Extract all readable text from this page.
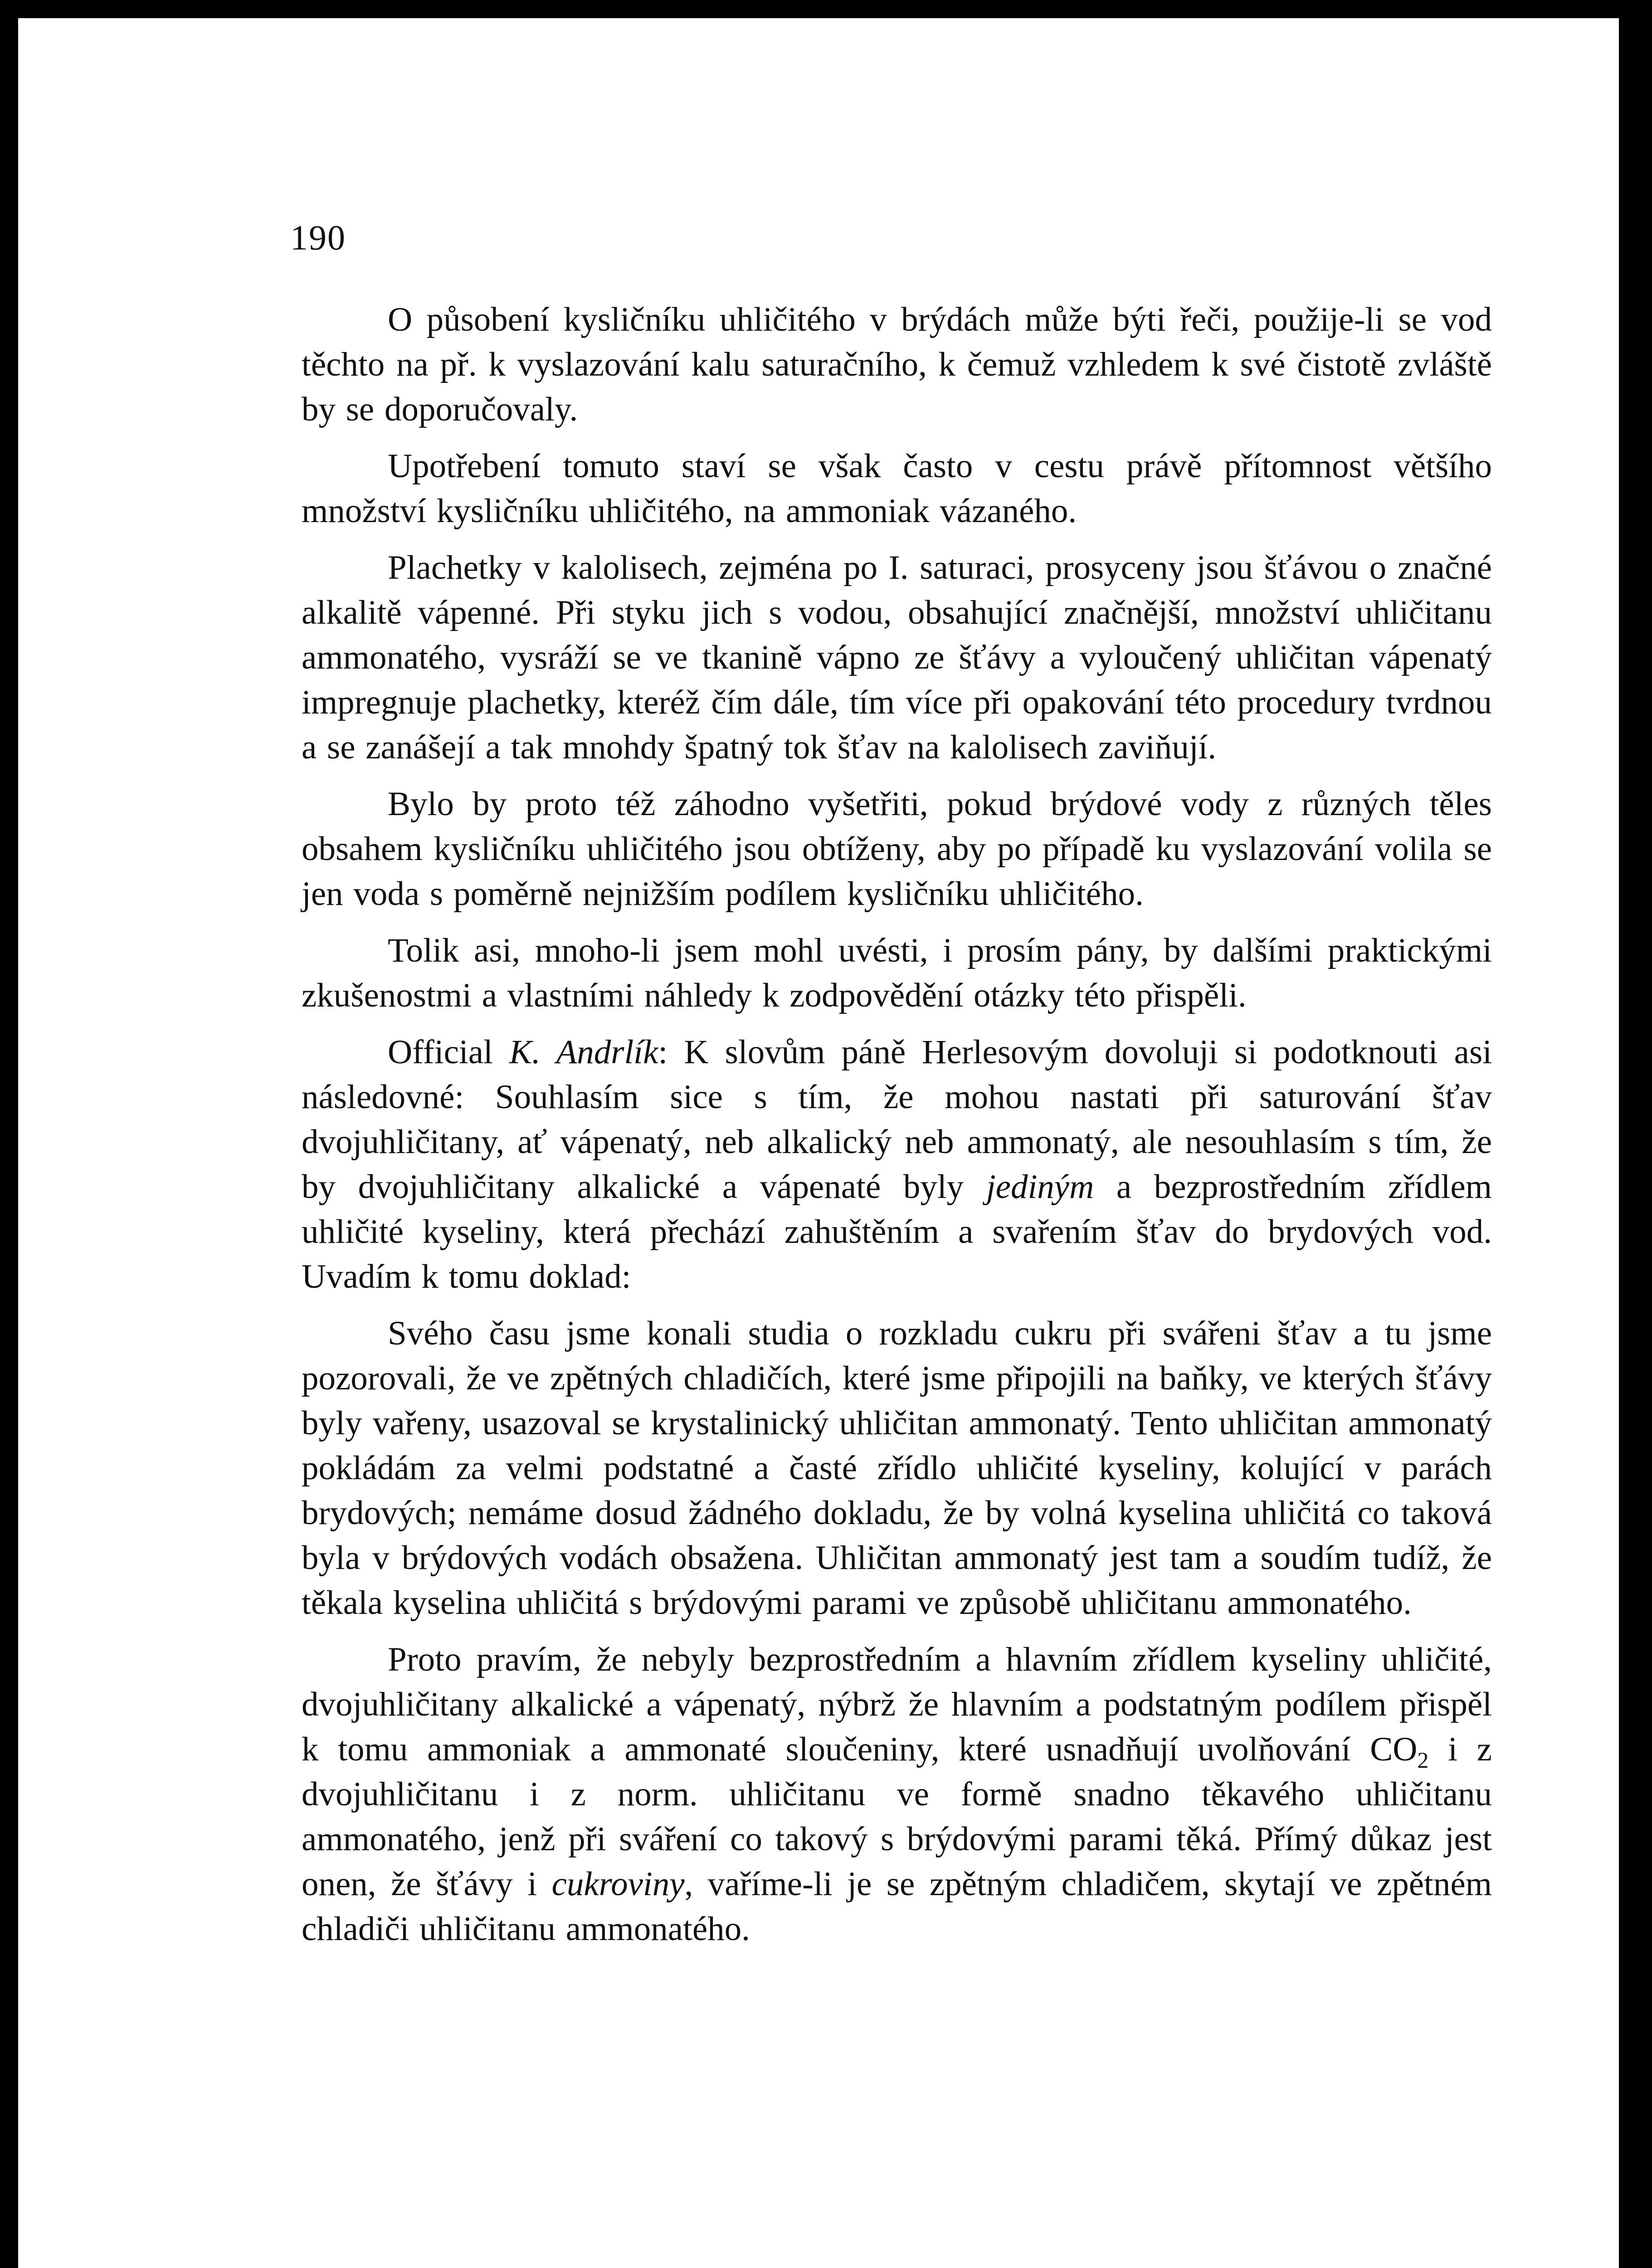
190

O působení kysličníku uhličitého v brýdách může býti řeči, použije-li se vod těchto na př. k vyslazování kalu saturačního, k čemuž vzhledem k své čistotě zvláště by se doporučovaly.

Upotřebení tomuto staví se však často v cestu právě přítomnost většího množství kysličníku uhličitého, na ammoniak vázaného.

Plachetky v kalolisech, zejména po I. saturaci, prosyceny jsou šťávou o značné alkalitě vápenné. Při styku jich s vodou, obsahující značnější, množství uhličitanu ammonatého, vysráží se ve tkanině vápno ze šťávy a vyloučený uhličitan vápenatý impregnuje plachetky, kteréž čím dále, tím více při opakování této procedury tvrdnou a se zanášejí a tak mnohdy špatný tok šťav na kalolisech zaviňují.

Bylo by proto též záhodno vyšetřiti, pokud brýdové vody z různých těles obsahem kysličníku uhličitého jsou obtíženy, aby po případě ku vyslazování volila se jen voda s poměrně nejnižším podílem kysličníku uhličitého.

Tolik asi, mnoho-li jsem mohl uvésti, i prosím pány, by dalšími praktickými zkušenostmi a vlastními náhledy k zodpovědění otázky této přispěli.

Official K. Andrlík: K slovům páně Herlesovým dovoluji si podotknouti asi následovné: Souhlasím sice s tím, že mohou nastati při saturování šťav dvojuhličitany, ať vápenatý, neb alkalický neb ammonatý, ale nesouhlasím s tím, že by dvojuhličitany alkalické a vápenaté byly jediným a bezprostředním zřídlem uhličité kyseliny, která přechází zahuštěním a svařením šťav do brydových vod. Uvadím k tomu doklad:

Svého času jsme konali studia o rozkladu cukru při svářeni šťav a tu jsme pozorovali, že ve zpětných chladičích, které jsme připojili na baňky, ve kterých šťávy byly vařeny, usazoval se krystalinický uhličitan ammonatý. Tento uhličitan ammonatý pokládám za velmi podstatné a časté zřídlo uhličité kyseliny, kolující v parách brydových; nemáme dosud žádného dokladu, že by volná kyselina uhličitá co taková byla v brýdových vodách obsažena. Uhličitan ammonatý jest tam a soudím tudíž, že těkala kyselina uhličitá s brýdovými parami ve způsobě uhličitanu ammonatého.

Proto pravím, že nebyly bezprostředním a hlavním zřídlem kyseliny uhličité, dvojuhličitany alkalické a vápenatý, nýbrž že hlavním a podstatným podílem přispěl k tomu ammoniak a ammonaté sloučeniny, které usnadňují uvolňování $CO_2$ i z dvojuhličitanu i z norm. uhličitanu ve formě snadno těkavého uhličitanu ammonatého, jenž při sváření co takový s brýdovými parami těká. Přímý důkaz jest onen, že šťávy i cukroviny, vaříme-li je se zpětným chladičem, skytají ve zpětném chladiči uhličitanu ammonatého.
